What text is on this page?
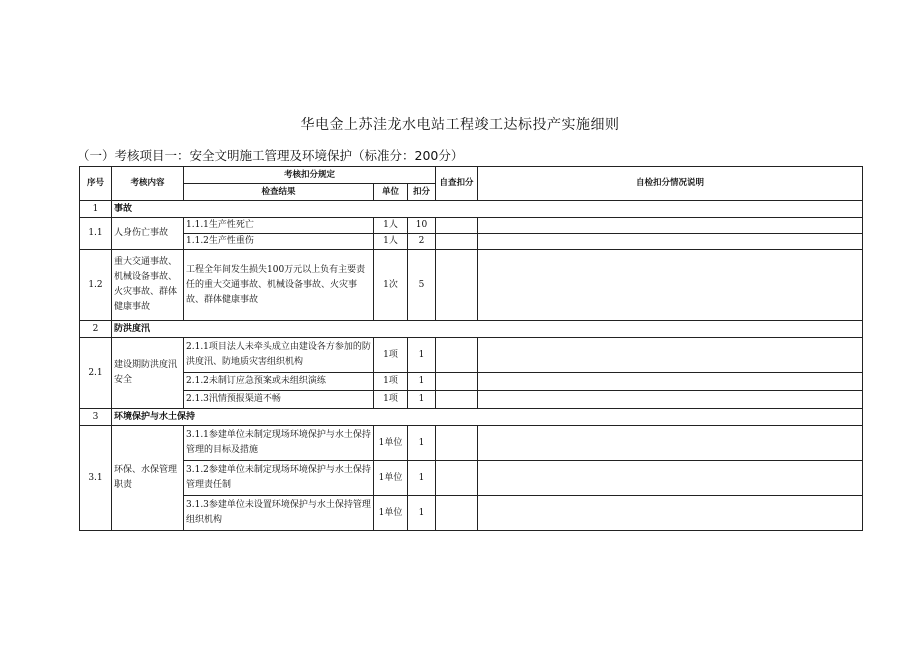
华电金上苏洼龙水电站工程竣工达标投产实施细则
（一）考核项目一：安全文明施工管理及环境保护（标准分：200分）
序号	考核内容	考核扣分规定			自查扣分	自检扣分情况说明
		检查结果	单位	扣分		
1	事故					
1.1	人身伤亡事故	1.1.1生产性死亡	1人	10		
		1.1.2生产性重伤	1人	2		
1.2	重大交通事故、机械设备事故、火灾事故、群体健康事故	工程全年间发生损失100万元以上负有主要责任的重大交通事故、机械设备事故、火灾事故、群体健康事故	1次	5		
2	防洪度汛					
2.1	建设期防洪度汛安全	2.1.1项目法人未牵头成立由建设各方参加的防洪度汛、防地质灾害组织机构	1项	1		
		2.1.2未制订应急预案或未组织演练	1项	1		
		2.1.3汛情预报渠道不畅	1项	1		
3	环境保护与水土保持					
3.1	环保、水保管理职责	3.1.1参建单位未制定现场环境保护与水土保持管理的目标及措施	1单位	1		
		3.1.2参建单位未制定现场环境保护与水土保持管理责任制	1单位	1		
		3.1.3参建单位未设置环境保护与水土保持管理组织机构	1单位	1		
